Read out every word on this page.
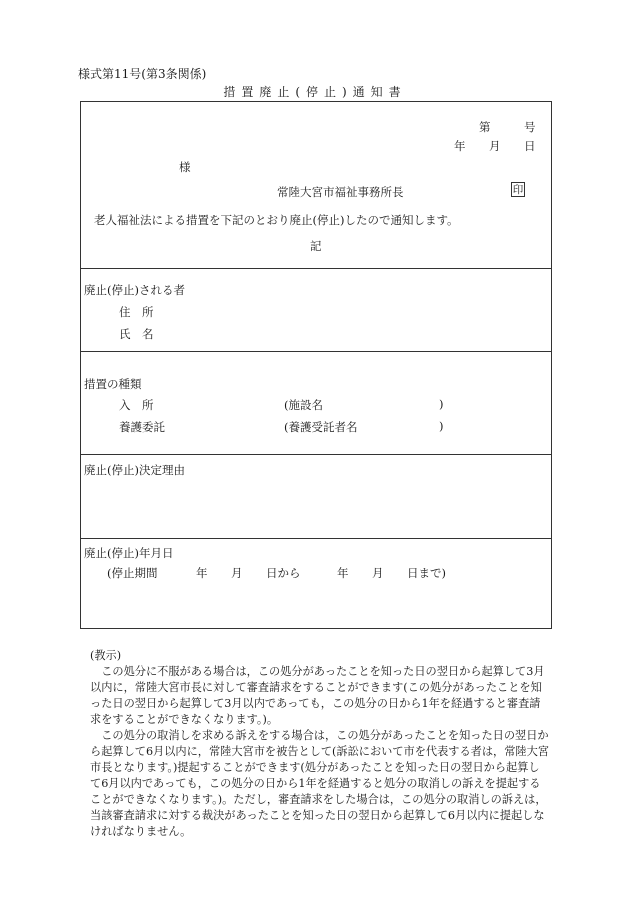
様式第11号(第3条関係)
措置廃止(停止)通知書
第	号
年 月 日
様
常陸大宮市福祉事務所長	印
老人福祉法による措置を下記のとおり廃止(停止)したので通知します。
記
廃止(停止)される者
住　所
氏　名
措置の種類
入　所	(施設名	)
養護委託	(養護受託者名	)
廃止(停止)決定理由
廃止(停止)年月日
(停止期間	年 月 日から	年 月 日まで)

(教示)

この処分に不服がある場合は，この処分があったことを知った日の翌日から起算して3月以内に，常陸大宮市長に対して審査請求をすることができます(この処分があったことを知った日の翌日から起算して3月以内であっても，この処分の日から1年を経過すると審査請求をすることができなくなります。)。

この処分の取消しを求める訴えをする場合は，この処分があったことを知った日の翌日から起算して6月以内に，常陸大宮市を被告として(訴訟において市を代表する者は，常陸大宮市長となります。)提起することができます(処分があったことを知った日の翌日から起算して6月以内であっても，この処分の日から1年を経過すると処分の取消しの訴えを提起することができなくなります。)。ただし，審査請求をした場合は，この処分の取消しの訴えは，当該審査請求に対する裁決があったことを知った日の翌日から起算して6月以内に提起しなければなりません。
